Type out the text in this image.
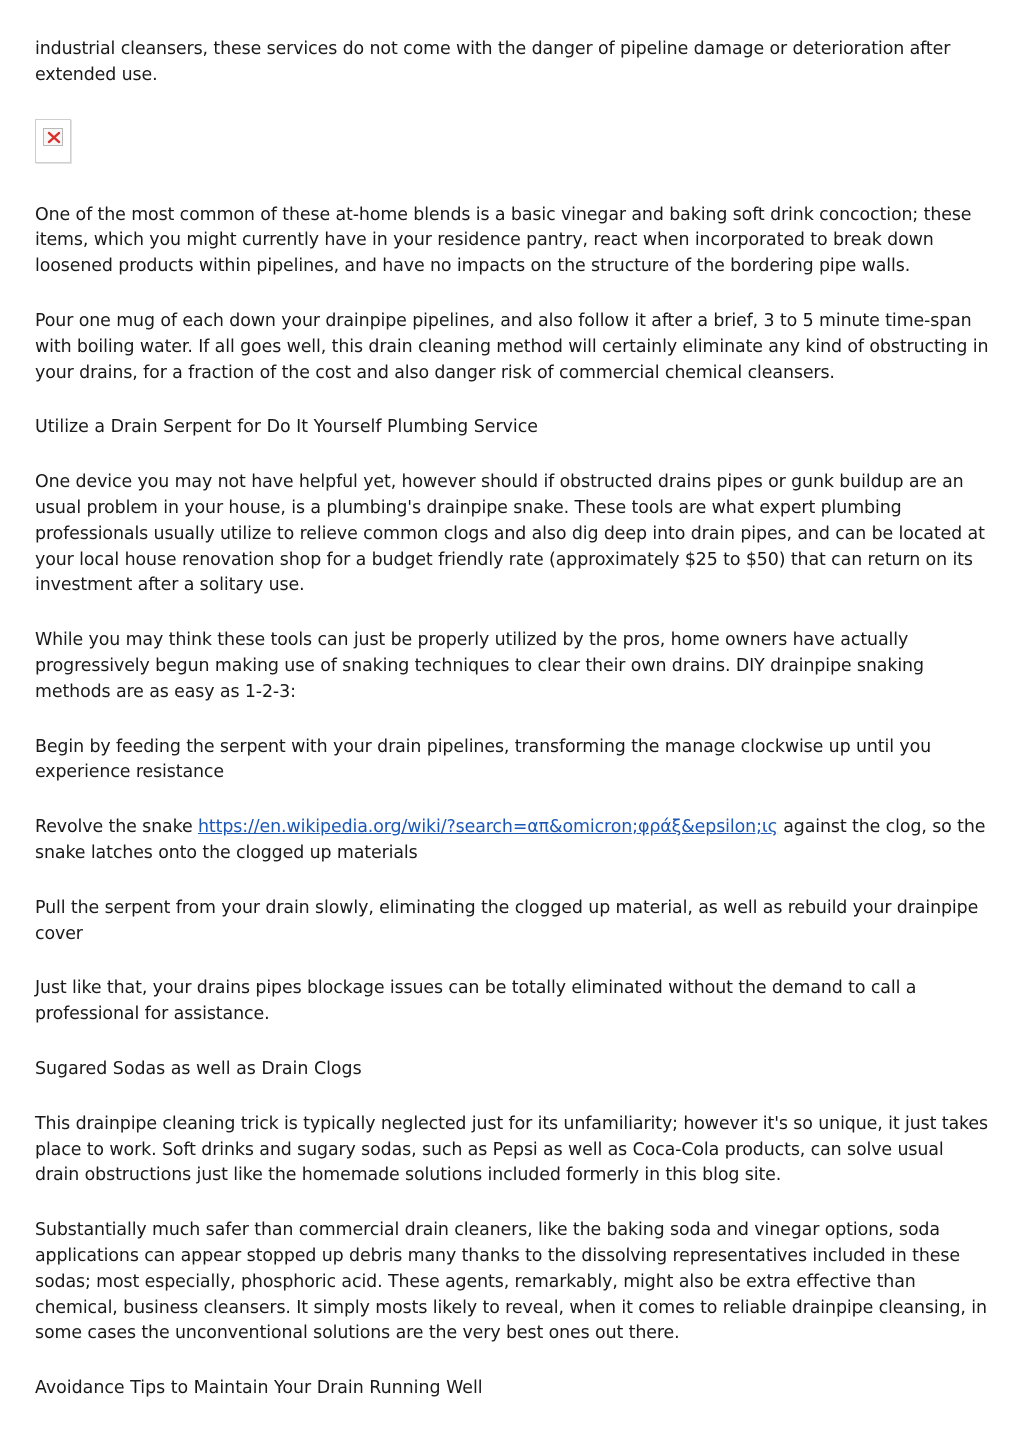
industrial cleansers, these services do not come with the danger of pipeline damage or deterioration after extended use.

One of the most common of these at-home blends is a basic vinegar and baking soft drink concoction; these items, which you might currently have in your residence pantry, react when incorporated to break down loosened products within pipelines, and have no impacts on the structure of the bordering pipe walls.

Pour one mug of each down your drainpipe pipelines, and also follow it after a brief, 3 to 5 minute time-span with boiling water. If all goes well, this drain cleaning method will certainly eliminate any kind of obstructing in your drains, for a fraction of the cost and also danger risk of commercial chemical cleansers.

Utilize a Drain Serpent for Do It Yourself Plumbing Service

One device you may not have helpful yet, however should if obstructed drains pipes or gunk buildup are an usual problem in your house, is a plumbing's drainpipe snake. These tools are what expert plumbing professionals usually utilize to relieve common clogs and also dig deep into drain pipes, and can be located at your local house renovation shop for a budget friendly rate (approximately $25 to $50) that can return on its investment after a solitary use.

While you may think these tools can just be properly utilized by the pros, home owners have actually progressively begun making use of snaking techniques to clear their own drains. DIY drainpipe snaking methods are as easy as 1-2-3:

Begin by feeding the serpent with your drain pipelines, transforming the manage clockwise up until you experience resistance

Revolve the snake https://en.wikipedia.org/wiki/?search=απ&omicron;φράξ&epsilon;ις against the clog, so the snake latches onto the clogged up materials

Pull the serpent from your drain slowly, eliminating the clogged up material, as well as rebuild your drainpipe cover

Just like that, your drains pipes blockage issues can be totally eliminated without the demand to call a professional for assistance.

Sugared Sodas as well as Drain Clogs

This drainpipe cleaning trick is typically neglected just for its unfamiliarity; however it's so unique, it just takes place to work. Soft drinks and sugary sodas, such as Pepsi as well as Coca-Cola products, can solve usual drain obstructions just like the homemade solutions included formerly in this blog site.

Substantially much safer than commercial drain cleaners, like the baking soda and vinegar options, soda applications can appear stopped up debris many thanks to the dissolving representatives included in these sodas; most especially, phosphoric acid. These agents, remarkably, might also be extra effective than chemical, business cleansers. It simply mosts likely to reveal, when it comes to reliable drainpipe cleansing, in some cases the unconventional solutions are the very best ones out there.

Avoidance Tips to Maintain Your Drain Running Well
